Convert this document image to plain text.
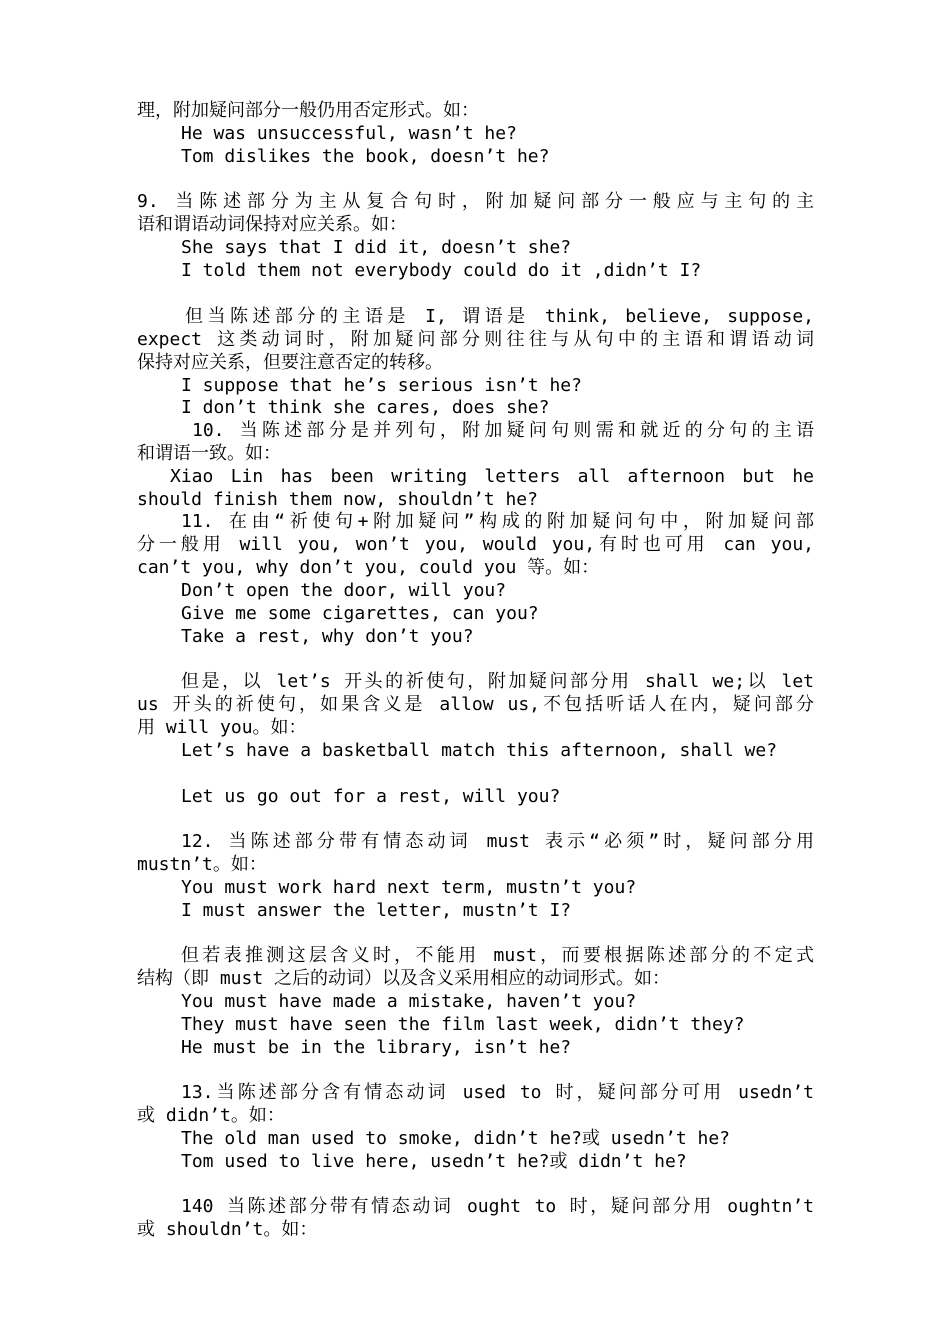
理，附加疑问部分一般仍用否定形式。如：

He was unsuccessful, wasn’t he?

Tom dislikes the book, doesn’t he?

9. 当陈述部分为主从复合句时，附加疑问部分一般应与主句的主

语和谓语动词保持对应关系。如：

She says that I did it, doesn’t she?

I told them not everybody could do it ,didn’t I?

但当陈述部分的主语是 I, 谓语是 think, believe, suppose,

expect 这类动词时，附加疑问部分则往往与从句中的主语和谓语动词

保持对应关系，但要注意否定的转移。

I suppose that he’s serious isn’t he?

I don’t think she cares, does she?

10. 当陈述部分是并列句，附加疑问句则需和就近的分句的主语

和谓语一致。如：

Xiao Lin has been writing letters all afternoon but he

should finish them now, shouldn’t he?

11. 在由“祈使句+附加疑问”构成的附加疑问句中，附加疑问部

分一般用 will you, won’t you, would you,有时也可用 can you,

can’t you, why don’t you, could you 等。如：

Don’t open the door, will you?

Give me some cigarettes, can you?

Take a rest, why don’t you?

但是，以 let’s 开头的祈使句，附加疑问部分用 shall we;以 let

us 开头的祈使句，如果含义是 allow us,不包括听话人在内，疑问部分

用 will you。如：

Let’s have a basketball match this afternoon, shall we?

Let us go out for a rest, will you?

12. 当陈述部分带有情态动词 must 表示“必须”时，疑问部分用

mustn’t。如：

You must work hard next term, mustn’t you?

I must answer the letter, mustn’t I?

但若表推测这层含义时，不能用 must，而要根据陈述部分的不定式

结构（即 must 之后的动词）以及含义采用相应的动词形式。如：

You must have made a mistake, haven’t you?

They must have seen the film last week, didn’t they?

He must be in the library, isn’t he?

13.当陈述部分含有情态动词 used to 时，疑问部分可用 usedn’t

或 didn’t。如：

The old man used to smoke, didn’t he?或 usedn’t he?

Tom used to live here, usedn’t he?或 didn’t he?

140 当陈述部分带有情态动词 ought to 时，疑问部分用 oughtn’t

或 shouldn’t。如：
